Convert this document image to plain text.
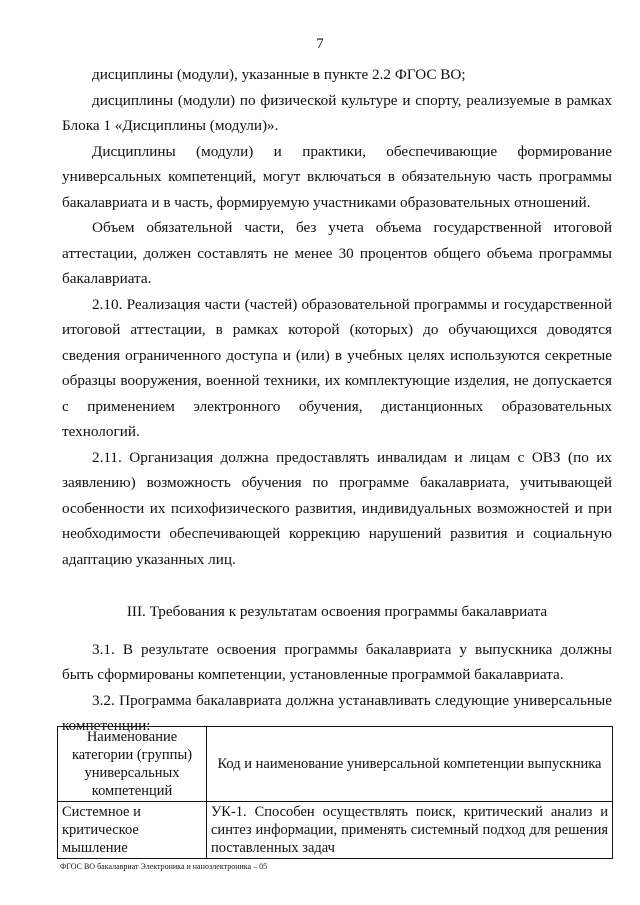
7

дисциплины (модули), указанные в пункте 2.2 ФГОС ВО;

дисциплины (модули) по физической культуре и спорту, реализуемые в рамках Блока 1 «Дисциплины (модули)».

Дисциплины (модули) и практики, обеспечивающие формирование универсальных компетенций, могут включаться в обязательную часть программы бакалавриата и в часть, формируемую участниками образовательных отношений.

Объем обязательной части, без учета объема государственной итоговой аттестации, должен составлять не менее 30 процентов общего объема программы бакалавриата.

2.10. Реализация части (частей) образовательной программы и государственной итоговой аттестации, в рамках которой (которых) до обучающихся доводятся сведения ограниченного доступа и (или) в учебных целях используются секретные образцы вооружения, военной техники, их комплектующие изделия, не допускается с применением электронного обучения, дистанционных образовательных технологий.

2.11. Организация должна предоставлять инвалидам и лицам с ОВЗ (по их заявлению) возможность обучения по программе бакалавриата, учитывающей особенности их психофизического развития, индивидуальных возможностей и при необходимости обеспечивающей коррекцию нарушений развития и социальную адаптацию указанных лиц.

III. Требования к результатам освоения программы бакалавриата

3.1. В результате освоения программы бакалавриата у выпускника должны быть сформированы компетенции, установленные программой бакалавриата.

3.2. Программа бакалавриата должна устанавливать следующие универсальные компетенции:

Наименование категории (группы) универсальных компетенций	Код и наименование универсальной компетенции выпускника
Системное и критическое мышление	УК-1. Способен осуществлять поиск, критический анализ и синтез информации, применять системный подход для решения поставленных задач
ФГОС ВО бакалавриат Электроника и наноэлектроника – 05
